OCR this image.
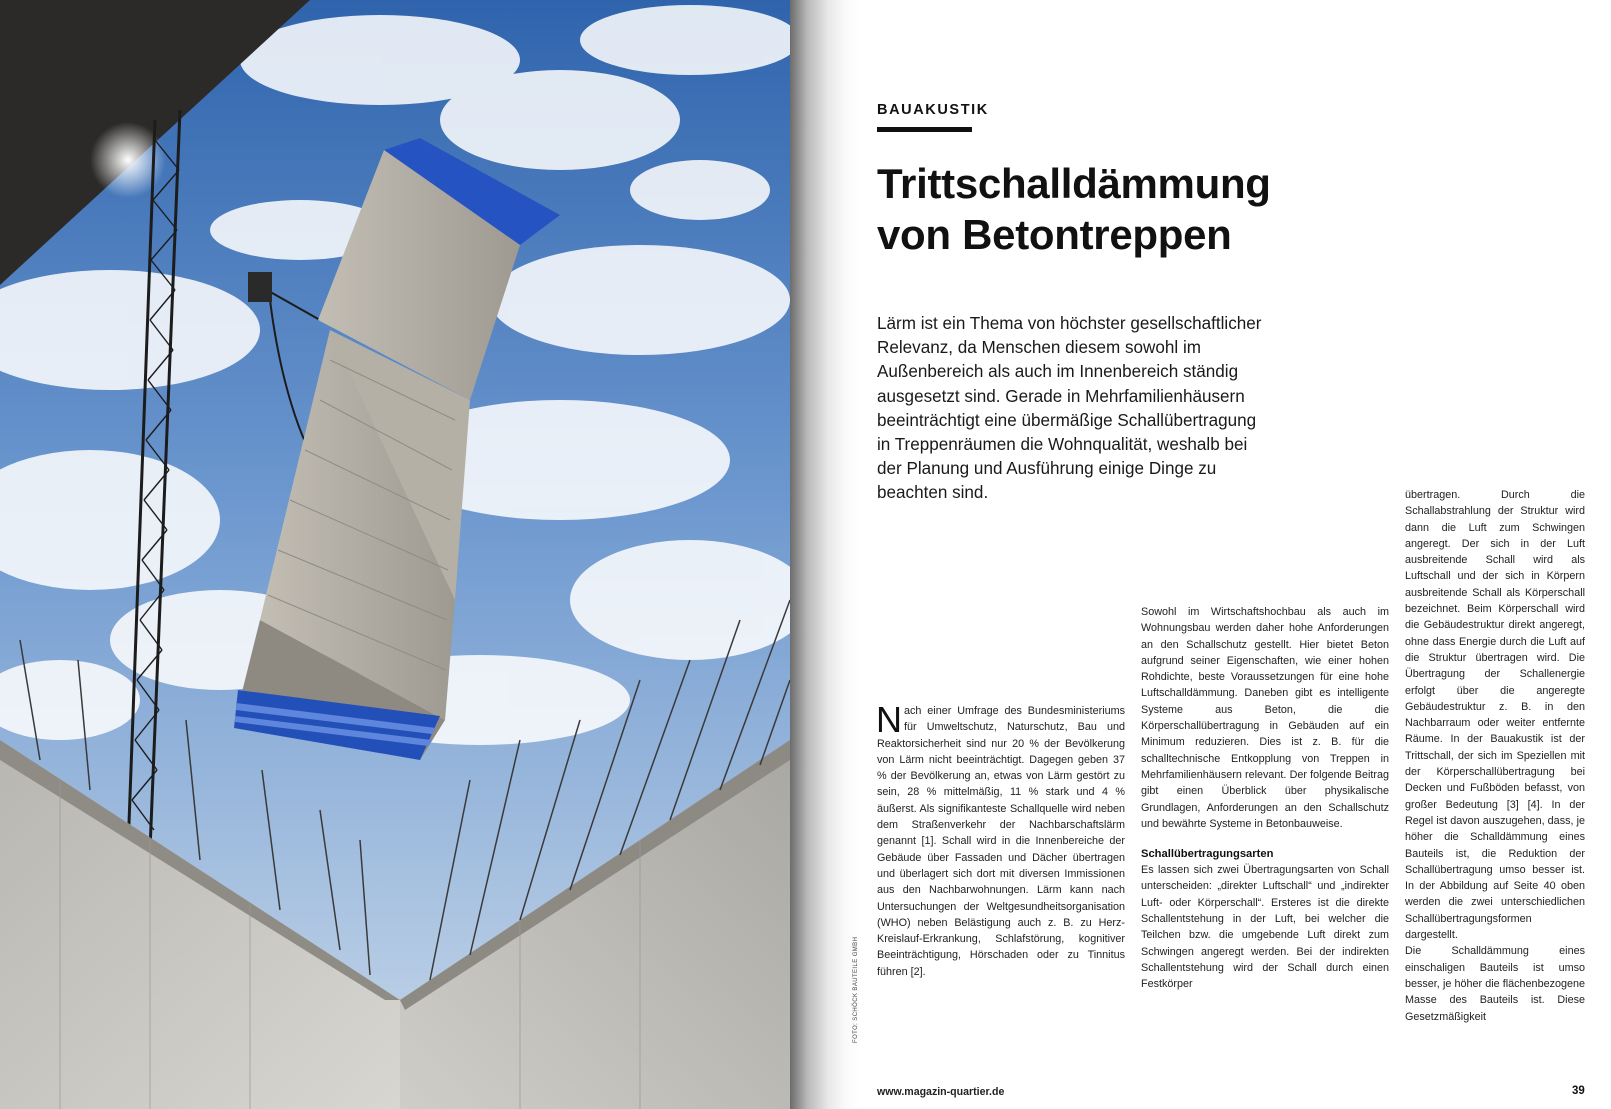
FOTO: SCHÖCK BAUTEILE GMBH
BAUAKUSTIK
Trittschalldämmung
von Betontreppen

Lärm ist ein Thema von höchster gesellschaftlicher Relevanz, da Menschen diesem sowohl im Außenbereich als auch im Innenbereich ständig ausgesetzt sind. Gerade in Mehrfamilienhäusern beeinträchtigt eine übermäßige Schallübertragung in Treppenräumen die Wohnqualität, weshalb bei der Planung und Ausführung einige Dinge zu beachten sind.

Nach einer Umfrage des Bundesministeriums für Umweltschutz, Naturschutz, Bau und Reaktorsicherheit sind nur 20 % der Bevölkerung von Lärm nicht beeinträchtigt. Dagegen geben 37 % der Bevölkerung an, etwas von Lärm gestört zu sein, 28 % mittelmäßig, 11 % stark und 4 % äußerst. Als signifikanteste Schallquelle wird neben dem Straßenverkehr der Nachbarschaftslärm genannt [1]. Schall wird in die Innenbereiche der Gebäude über Fassaden und Dächer übertragen und überlagert sich dort mit diversen Immissionen aus den Nachbarwohnungen. Lärm kann nach Untersuchungen der Weltgesundheitsorganisation (WHO) neben Belästigung auch z. B. zu Herz-Kreislauf-Erkrankung, Schlafstörung, kognitiver Beeinträchtigung, Hörschaden oder zu Tinnitus führen [2].

Sowohl im Wirtschaftshochbau als auch im Wohnungsbau werden daher hohe Anforderungen an den Schallschutz gestellt. Hier bietet Beton aufgrund seiner Eigenschaften, wie einer hohen Rohdichte, beste Voraussetzungen für eine hohe Luftschalldämmung. Daneben gibt es intelligente Systeme aus Beton, die die Körperschallübertragung in Gebäuden auf ein Minimum reduzieren. Dies ist z. B. für die schalltechnische Entkopplung von Treppen in Mehrfamilienhäusern relevant. Der folgende Beitrag gibt einen Überblick über physikalische Grundlagen, Anforderungen an den Schallschutz und bewährte Systeme in Betonbauweise.

Schallübertragungsarten

Es lassen sich zwei Übertragungsarten von Schall unterscheiden: „direkter Luftschall“ und „indirekter Luft- oder Körperschall“. Ersteres ist die direkte Schallentstehung in der Luft, bei welcher die Teilchen bzw. die umgebende Luft direkt zum Schwingen angeregt werden. Bei der indirekten Schallentstehung wird der Schall durch einen Festkörper

übertragen. Durch die Schallabstrahlung der Struktur wird dann die Luft zum Schwingen angeregt. Der sich in der Luft ausbreitende Schall wird als Luftschall und der sich in Körpern ausbreitende Schall als Körperschall bezeichnet. Beim Körperschall wird die Gebäudestruktur direkt angeregt, ohne dass Energie durch die Luft auf die Struktur übertragen wird. Die Übertragung der Schallenergie erfolgt über die angeregte Gebäudestruktur z. B. in den Nachbarraum oder weiter entfernte Räume. In der Bauakustik ist der Trittschall, der sich im Speziellen mit der Körperschallübertragung bei Decken und Fußböden befasst, von großer Bedeutung [3] [4]. In der Regel ist davon auszugehen, dass, je höher die Schalldämmung eines Bauteils ist, die Reduktion der Schallübertragung umso besser ist. In der Abbildung auf Seite 40 oben werden die zwei unterschiedlichen Schallübertragungsformen dargestellt.

Die Schalldämmung eines einschaligen Bauteils ist umso besser, je höher die flächenbezogene Masse des Bauteils ist. Diese Gesetzmäßigkeit

www.magazin-quartier.de	39
